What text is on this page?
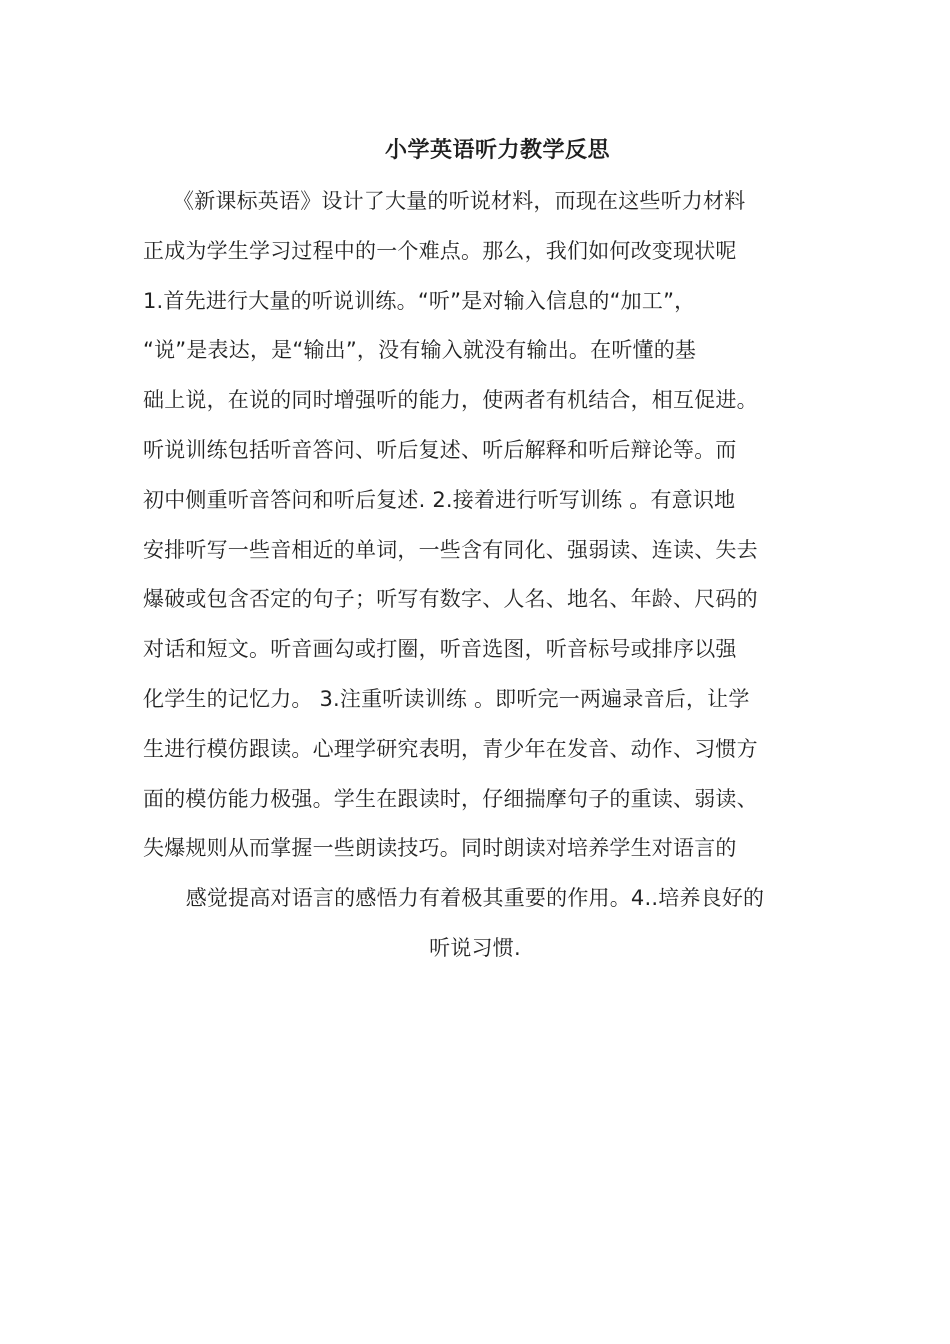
小学英语听力教学反思
《新课标英语》设计了大量的听说材料，而现在这些听力材料
正成为学生学习过程中的一个难点。那么，我们如何改变现状呢
1.首先进行大量的听说训练。“听”是对输入信息的“加工”，
“说”是表达，是“输出”，没有输入就没有输出。在听懂的基
础上说，在说的同时增强听的能力，使两者有机结合，相互促进。
听说训练包括听音答问、听后复述、听后解释和听后辩论等。而
初中侧重听音答问和听后复述. 2.接着进行听写训练 。有意识地
安排听写一些音相近的单词，一些含有同化、强弱读、连读、失去
爆破或包含否定的句子；听写有数字、人名、地名、年龄、尺码的
对话和短文。听音画勾或打圈，听音选图，听音标号或排序以强
化学生的记忆力。 3.注重听读训练 。即听完一两遍录音后，让学
生进行模仿跟读。心理学研究表明，青少年在发音、动作、习惯方
面的模仿能力极强。学生在跟读时，仔细揣摩句子的重读、弱读、
失爆规则从而掌握一些朗读技巧。同时朗读对培养学生对语言的
感觉提高对语言的感悟力有着极其重要的作用。4..培养良好的
听说习惯.
